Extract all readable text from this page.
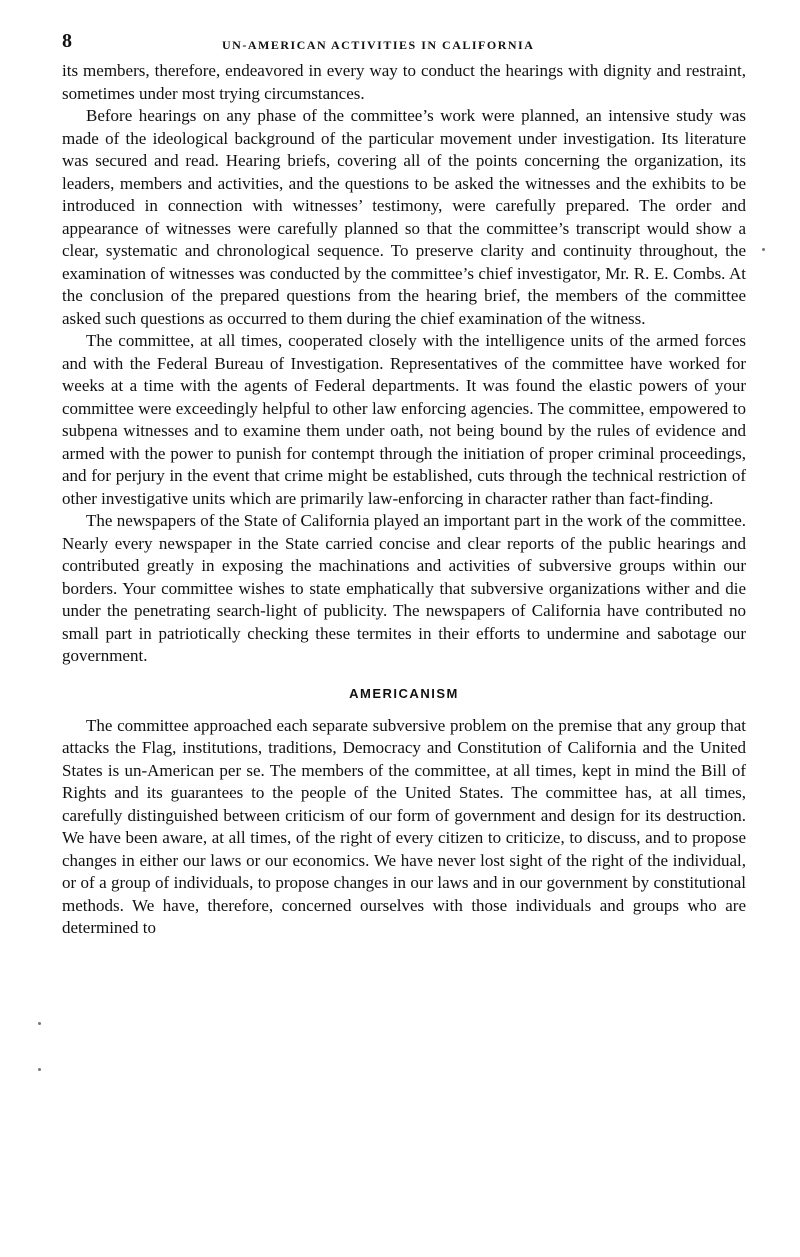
8	UN-AMERICAN ACTIVITIES IN CALIFORNIA

its members, therefore, endeavored in every way to conduct the hearings with dignity and restraint, sometimes under most trying circumstances.

Before hearings on any phase of the committee’s work were planned, an intensive study was made of the ideological background of the particular movement under investigation. Its literature was secured and read. Hearing briefs, covering all of the points concerning the organization, its leaders, members and activities, and the questions to be asked the witnesses and the exhibits to be introduced in connection with witnesses’ testimony, were carefully prepared. The order and appearance of witnesses were carefully planned so that the committee’s transcript would show a clear, systematic and chronological sequence. To preserve clarity and continuity throughout, the examination of witnesses was conducted by the committee’s chief investigator, Mr. R. E. Combs. At the conclusion of the prepared questions from the hearing brief, the members of the committee asked such questions as occurred to them during the chief examination of the witness.

The committee, at all times, cooperated closely with the intelligence units of the armed forces and with the Federal Bureau of Investigation. Representatives of the committee have worked for weeks at a time with the agents of Federal departments. It was found the elastic powers of your committee were exceedingly helpful to other law enforcing agencies. The committee, empowered to subpena witnesses and to examine them under oath, not being bound by the rules of evidence and armed with the power to punish for contempt through the initiation of proper criminal proceedings, and for perjury in the event that crime might be established, cuts through the technical restriction of other investigative units which are primarily law-enforcing in character rather than fact-finding.

The newspapers of the State of California played an important part in the work of the committee. Nearly every newspaper in the State carried concise and clear reports of the public hearings and contributed greatly in exposing the machinations and activities of subversive groups within our borders. Your committee wishes to state emphatically that subversive organizations wither and die under the penetrating search-light of publicity. The newspapers of California have contributed no small part in patriotically checking these termites in their efforts to undermine and sabotage our government.

AMERICANISM

The committee approached each separate subversive problem on the premise that any group that attacks the Flag, institutions, traditions, Democracy and Constitution of California and the United States is un-American per se. The members of the committee, at all times, kept in mind the Bill of Rights and its guarantees to the people of the United States. The committee has, at all times, carefully distinguished between criticism of our form of government and design for its destruction. We have been aware, at all times, of the right of every citizen to criticize, to discuss, and to propose changes in either our laws or our economics. We have never lost sight of the right of the individual, or of a group of individuals, to propose changes in our laws and in our government by constitutional methods. We have, therefore, concerned ourselves with those individuals and groups who are determined to
